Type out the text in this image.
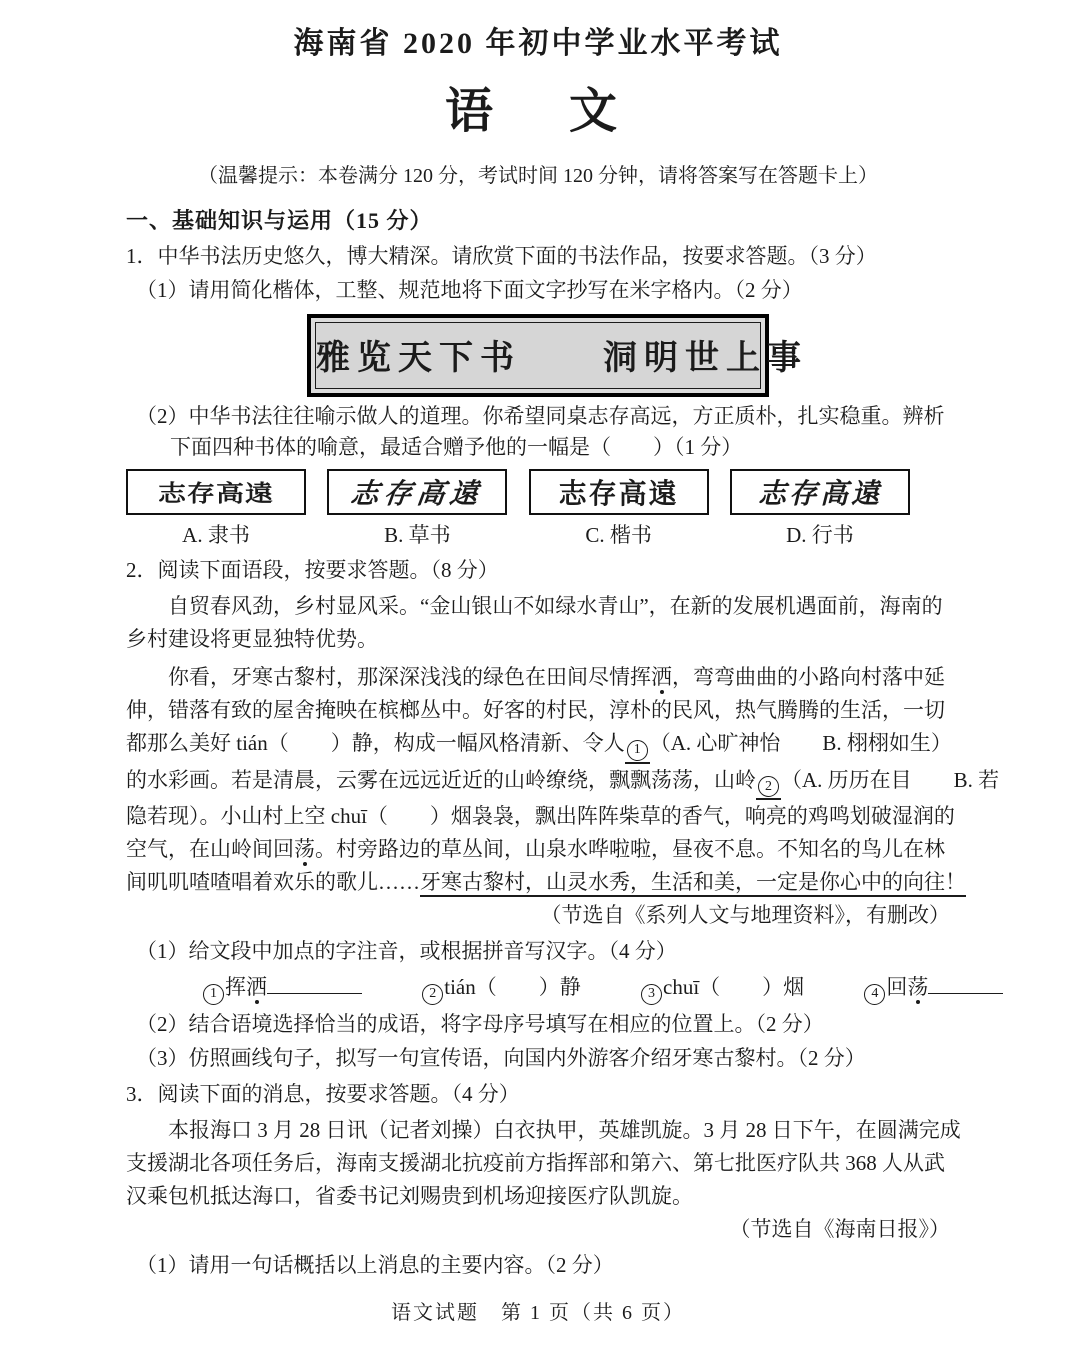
海南省 2020 年初中学业水平考试
语　文
（温馨提示：本卷满分 120 分，考试时间 120 分钟，请将答案写在答题卡上）
一、基础知识与运用（15 分）
1．中华书法历史悠久，博大精深。请欣赏下面的书法作品，按要求答题。（3 分）
（1）请用简化楷体，工整、规范地将下面文字抄写在米字格内。（2 分）
雅览天下书　　洞明世上事
（2）中华书法往往喻示做人的道理。你希望同桌志存高远，方正质朴，扎实稳重。辨析
下面四种书体的喻意，最适合赠予他的一幅是（　　）（1 分）
志存高遠
A. 隶书
志存高遠
B. 草书
志存高遠
C. 楷书
志存高遠
D. 行书
2．阅读下面语段，按要求答题。（8 分）
自贸春风劲，乡村显风采。“金山银山不如绿水青山”，在新的发展机遇面前，海南的
乡村建设将更显独特优势。
你看，牙寒古黎村，那深深浅浅的绿色在田间尽情挥洒，弯弯曲曲的小路向村落中延
伸，错落有致的屋舍掩映在槟榔丛中。好客的村民，淳朴的民风，热气腾腾的生活，一切
都那么美好 tián（　　）静，构成一幅风格清新、令人 1 （A. 心旷神怡　　B. 栩栩如生）
的水彩画。若是清晨，云雾在远远近近的山岭缭绕，飘飘荡荡，山岭 2 （A. 历历在目　　B. 若
隐若现）。小山村上空 chuī（　　）烟袅袅，飘出阵阵柴草的香气，响亮的鸡鸣划破湿润的
空气，在山岭间回荡。村旁路边的草丛间，山泉水哗啦啦，昼夜不息。不知名的鸟儿在林
间叽叽喳喳唱着欢乐的歌儿……牙寒古黎村，山灵水秀，生活和美，一定是你心中的向往！
（节选自《系列人文与地理资料》，有删改）
（1）给文段中加点的字注音，或根据拼音写汉字。（4 分）
1 挥洒	2 tián（　　）静	3 chuī（　　）烟	4 回荡
（2）结合语境选择恰当的成语，将字母序号填写在相应的位置上。（2 分）
（3）仿照画线句子，拟写一句宣传语，向国内外游客介绍牙寒古黎村。（2 分）
3．阅读下面的消息，按要求答题。（4 分）
本报海口 3 月 28 日讯（记者刘操）白衣执甲，英雄凯旋。3 月 28 日下午，在圆满完成
支援湖北各项任务后，海南支援湖北抗疫前方指挥部和第六、第七批医疗队共 368 人从武
汉乘包机抵达海口，省委书记刘赐贵到机场迎接医疗队凯旋。
（节选自《海南日报》）
（1）请用一句话概括以上消息的主要内容。（2 分）
语文试题　第 1 页（共 6 页）
